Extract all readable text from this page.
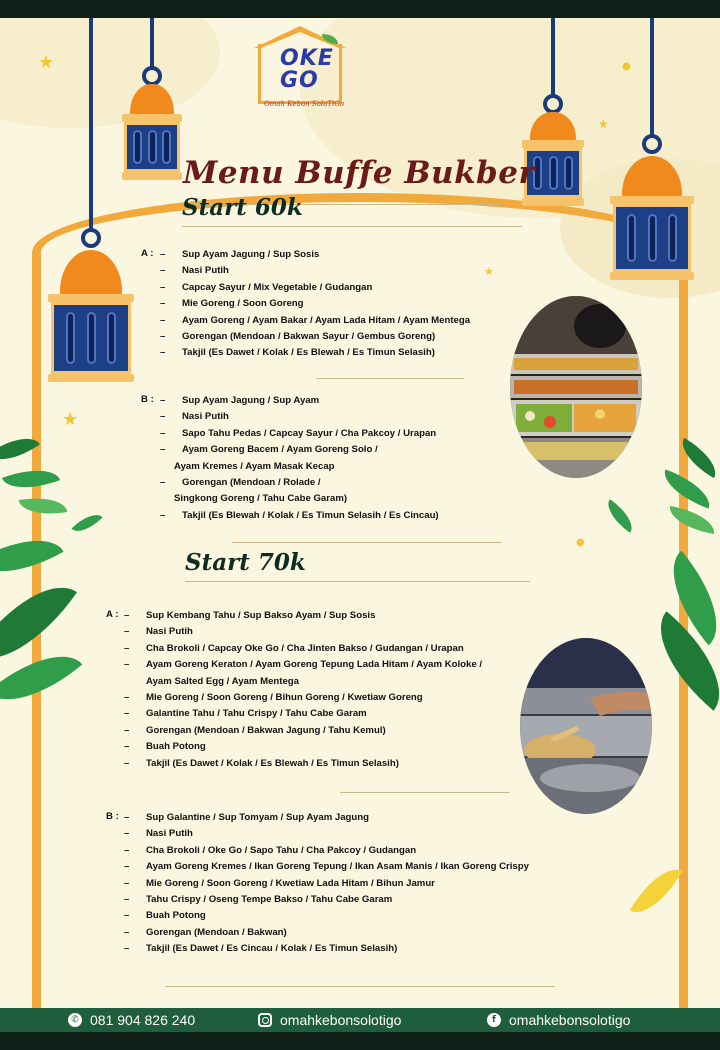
★
★
★
★
●
●
OKE
GO
Omah Kebon SoloTiGo
Menu Buffe Bukber
Start 60k
A : – Sup Ayam Jagung / Sup Sosis
– Nasi Putih
– Capcay Sayur / Mix Vegetable / Gudangan
– Mie Goreng / Soon Goreng
– Ayam Goreng / Ayam Bakar / Ayam Lada Hitam / Ayam Mentega
– Gorengan (Mendoan / Bakwan Sayur / Gembus Goreng)
– Takjil (Es Dawet / Kolak / Es Blewah / Es Timun Selasih)
B : – Sup Ayam Jagung / Sup Ayam
– Nasi Putih
– Sapo Tahu Pedas / Capcay Sayur / Cha Pakcoy / Urapan
– Ayam Goreng Bacem / Ayam Goreng Solo /
Ayam Kremes / Ayam Masak Kecap
– Gorengan (Mendoan / Rolade /
Singkong Goreng / Tahu Cabe Garam)
– Takjil (Es Blewah / Kolak / Es Timun Selasih / Es Cincau)
Start 70k
A : – Sup Kembang Tahu / Sup Bakso Ayam / Sup Sosis
– Nasi Putih
– Cha Brokoli / Capcay Oke Go / Cha Jinten Bakso / Gudangan / Urapan
– Ayam Goreng Keraton / Ayam Goreng Tepung Lada Hitam / Ayam Koloke /
Ayam Salted Egg / Ayam Mentega
– Mie Goreng / Soon Goreng / Bihun Goreng / Kwetiaw Goreng
– Galantine Tahu / Tahu Crispy / Tahu Cabe Garam
– Gorengan (Mendoan / Bakwan Jagung / Tahu Kemul)
– Buah Potong
– Takjil (Es Dawet / Kolak / Es Blewah / Es Timun Selasih)
B : – Sup Galantine / Sup Tomyam / Sup Ayam Jagung
– Nasi Putih
– Cha Brokoli / Oke Go / Sapo Tahu / Cha Pakcoy / Gudangan
– Ayam Goreng Kremes / Ikan Goreng Tepung / Ikan Asam Manis / Ikan Goreng Crispy
– Mie Goreng / Soon Goreng / Kwetiaw Lada Hitam / Bihun Jamur
– Tahu Crispy / Oseng Tempe Bakso / Tahu Cabe Garam
– Buah Potong
– Gorengan (Mendoan / Bakwan)
– Takjil (Es Dawet / Es Cincau / Kolak / Es Timun Selasih)
✆ 081 904 826 240	omahkebonsolotigo	f omahkebonsolotigo
